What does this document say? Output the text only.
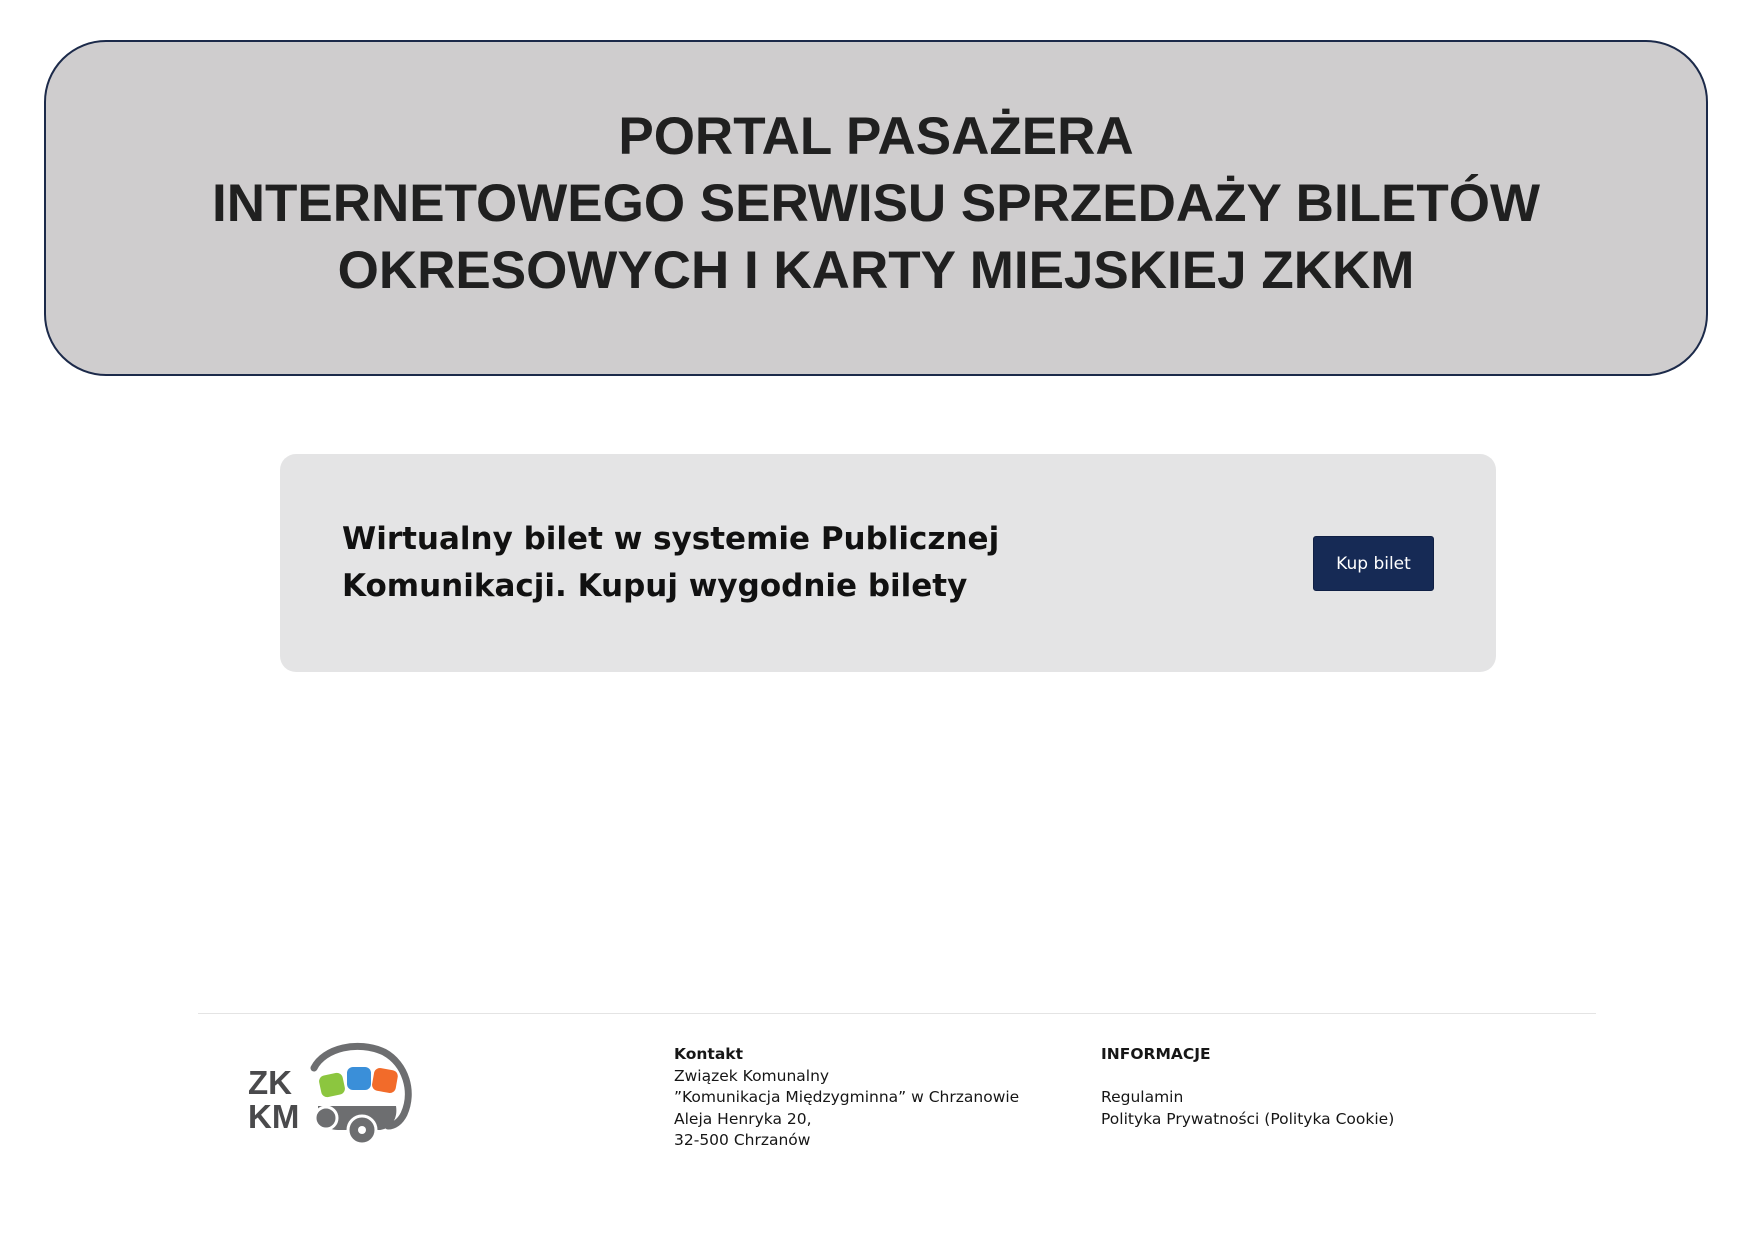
PORTAL PASAŻERA
INTERNETOWEGO SERWISU SPRZEDAŻY BILETÓW
OKRESOWYCH I KARTY MIEJSKIEJ ZKKM
Wirtualny bilet w systemie Publicznej
Komunikacji. Kupuj wygodnie bilety
Kup bilet
ZK
KM
Kontakt
Związek Komunalny
”Komunikacja Międzygminna” w Chrzanowie
Aleja Henryka 20,
32-500 Chrzanów
INFORMACJE
Regulamin
Polityka Prywatności (Polityka Cookie)
